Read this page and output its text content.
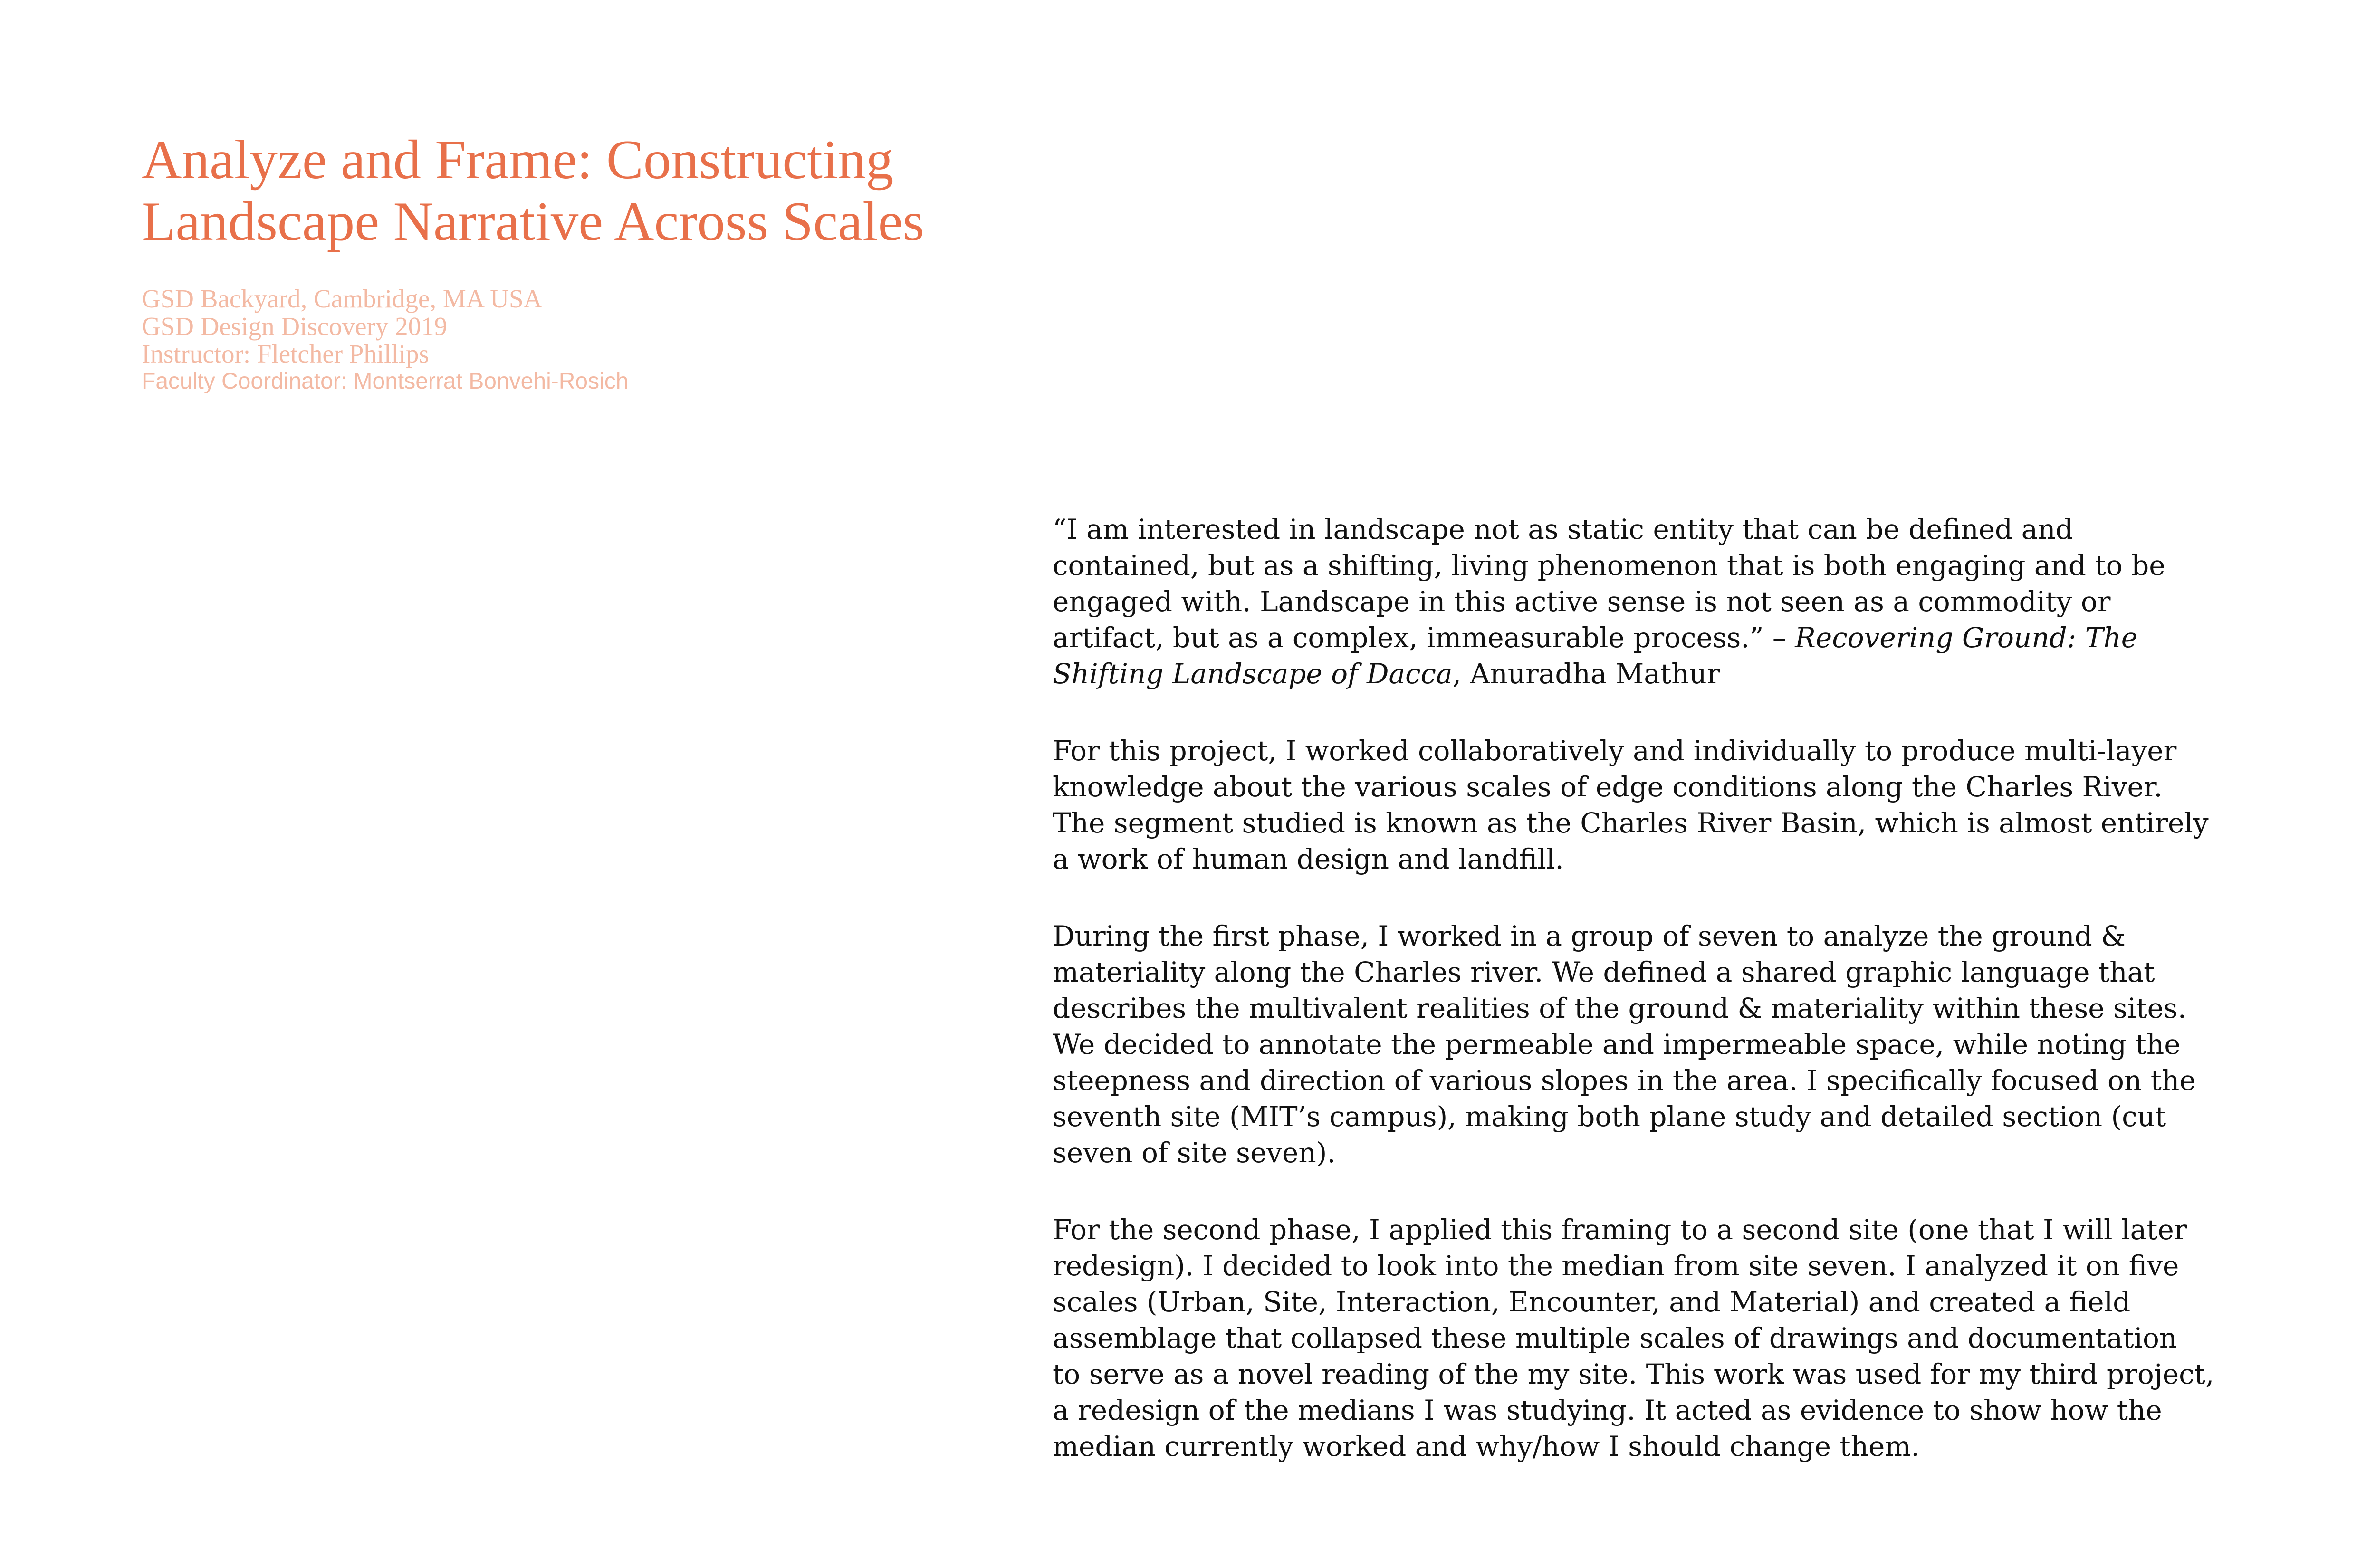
Analyze and Frame: Constructing
Landscape Narrative Across Scales
GSD Backyard, Cambridge, MA USA
GSD Design Discovery 2019
Instructor: Fletcher Phillips
Faculty Coordinator: Montserrat Bonvehi-Rosich

“I am interested in landscape not as static entity that can be defined and
contained, but as a shifting, living phenomenon that is both engaging and to be
engaged with. Landscape in this active sense is not seen as a commodity or
artifact, but as a complex, immeasurable process.” – Recovering Ground: The
Shifting Landscape of Dacca, Anuradha Mathur

For this project, I worked collaboratively and individually to produce multi-layer
knowledge about the various scales of edge conditions along the Charles River.
The segment studied is known as the Charles River Basin, which is almost entirely
a work of human design and landfill.

During the first phase, I worked in a group of seven to analyze the ground &
materiality along the Charles river. We defined a shared graphic language that
describes the multivalent realities of the ground & materiality within these sites.
We decided to annotate the permeable and impermeable space, while noting the
steepness and direction of various slopes in the area. I specifically focused on the
seventh site (MIT’s campus), making both plane study and detailed section (cut
seven of site seven).

For the second phase, I applied this framing to a second site (one that I will later
redesign). I decided to look into the median from site seven. I analyzed it on five
scales (Urban, Site, Interaction, Encounter, and Material) and created a field
assemblage that collapsed these multiple scales of drawings and documentation
to serve as a novel reading of the my site. This work was used for my third project,
a redesign of the medians I was studying. It acted as evidence to show how the
median currently worked and why/how I should change them.
